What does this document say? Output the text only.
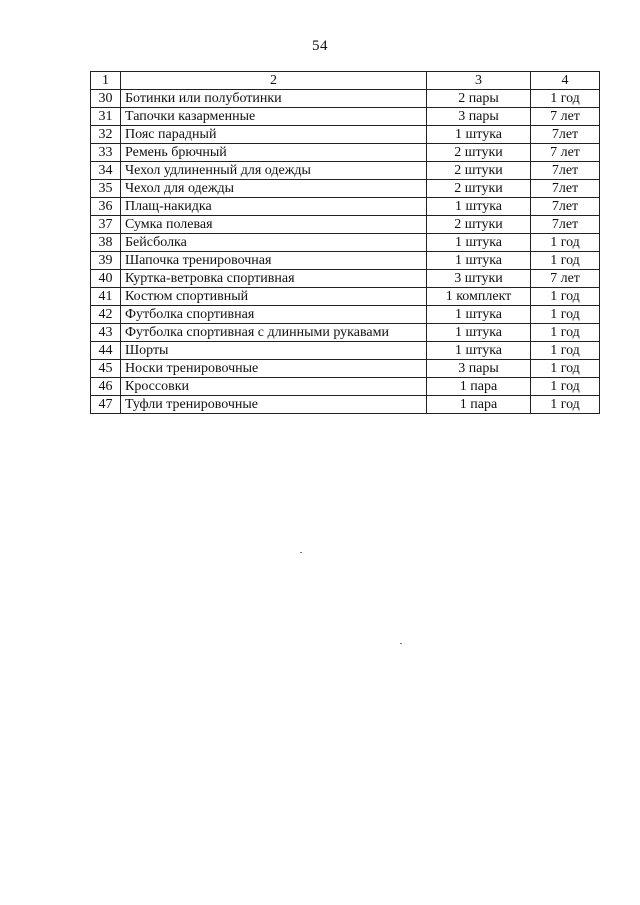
54
1	2	3	4
30	Ботинки или полуботинки	2 пары	1 год
31	Тапочки казарменные	3 пары	7 лет
32	Пояс парадный	1 штука	7лет
33	Ремень брючный	2 штуки	7 лет
34	Чехол удлиненный для одежды	2 штуки	7лет
35	Чехол для одежды	2 штуки	7лет
36	Плащ-накидка	1 штука	7лет
37	Сумка полевая	2 штуки	7лет
38	Бейсболка	1 штука	1 год
39	Шапочка тренировочная	1 штука	1 год
40	Куртка-ветровка спортивная	3 штуки	7 лет
41	Костюм спортивный	1 комплект	1 год
42	Футболка спортивная	1 штука	1 год
43	Футболка спортивная с длинными рукавами	1 штука	1 год
44	Шорты	1 штука	1 год
45	Носки тренировочные	3 пары	1 год
46	Кроссовки	1 пара	1 год
47	Туфли тренировочные	1 пара	1 год
